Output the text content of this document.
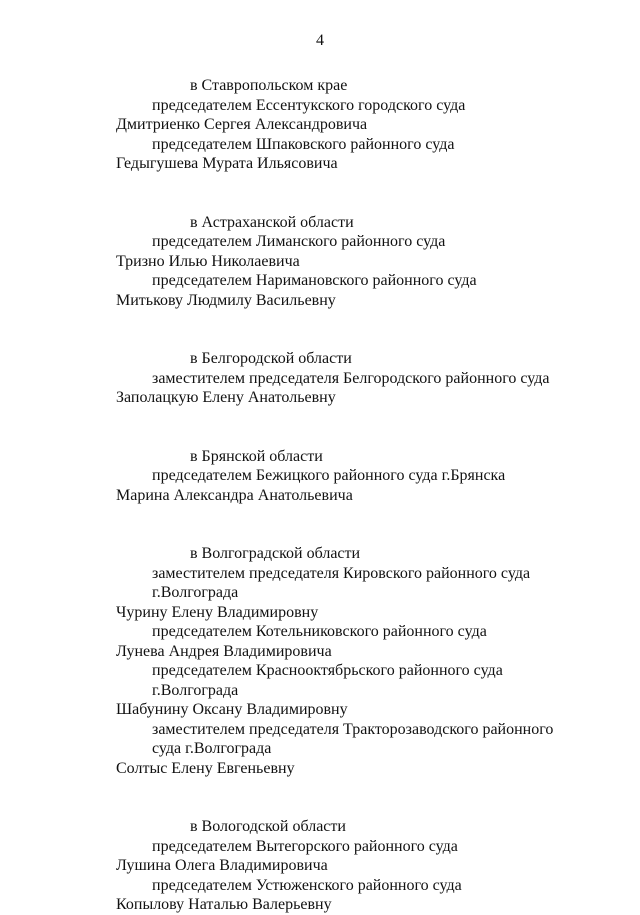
4
в Ставропольском крае
председателем Ессентукского городского суда
Дмитриенко Сергея Александровича
председателем Шпаковского районного суда
Гедыгушева Мурата Ильясовича
в Астраханской области
председателем Лиманского районного суда
Тризно Илью Николаевича
председателем Наримановского районного суда
Митькову Людмилу Васильевну
в Белгородской области
заместителем председателя Белгородского районного суда
Заполацкую Елену Анатольевну
в Брянской области
председателем Бежицкого районного суда г.Брянска
Марина Александра Анатольевича
в Волгоградской области
заместителем председателя Кировского районного суда
г.Волгограда
Чурину Елену Владимировну
председателем Котельниковского районного суда
Лунева Андрея Владимировича
председателем Краснооктябрьского районного суда
г.Волгограда
Шабунину Оксану Владимировну
заместителем председателя Тракторозаводского районного
суда г.Волгограда
Солтыс Елену Евгеньевну
в Вологодской области
председателем Вытегорского районного суда
Лушина Олега Владимировича
председателем Устюженского районного суда
Копылову Наталью Валерьевну
